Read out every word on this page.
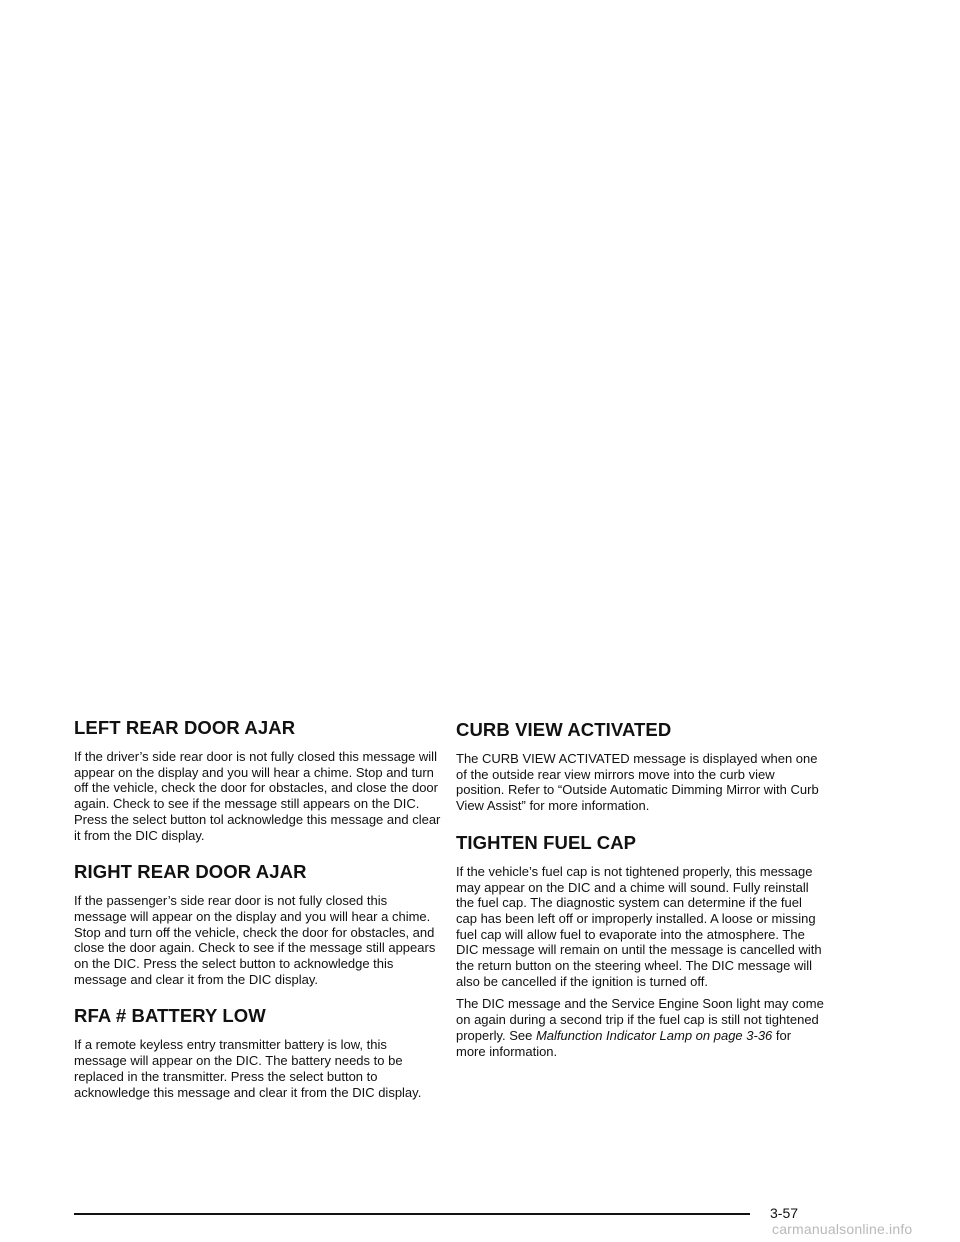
LEFT REAR DOOR AJAR

If the driver’s side rear door is not fully closed this message will appear on the display and you will hear a chime. Stop and turn off the vehicle, check the door for obstacles, and close the door again. Check to see if the message still appears on the DIC. Press the select button tol acknowledge this message and clear it from the DIC display.

RIGHT REAR DOOR AJAR

If the passenger’s side rear door is not fully closed this message will appear on the display and you will hear a chime. Stop and turn off the vehicle, check the door for obstacles, and close the door again. Check to see if the message still appears on the DIC. Press the select button to acknowledge this message and clear it from the DIC display.

RFA # BATTERY LOW

If a remote keyless entry transmitter battery is low, this message will appear on the DIC. The battery needs to be replaced in the transmitter. Press the select button to acknowledge this message and clear it from the DIC display.

CURB VIEW ACTIVATED

The CURB VIEW ACTIVATED message is displayed when one of the outside rear view mirrors move into the curb view position. Refer to “Outside Automatic Dimming Mirror with Curb View Assist” for more information.

TIGHTEN FUEL CAP

If the vehicle’s fuel cap is not tightened properly, this message may appear on the DIC and a chime will sound. Fully reinstall the fuel cap. The diagnostic system can determine if the fuel cap has been left off or improperly installed. A loose or missing fuel cap will allow fuel to evaporate into the atmosphere. The DIC message will remain on until the message is cancelled with the return button on the steering wheel. The DIC message will also be cancelled if the ignition is turned off.

The DIC message and the Service Engine Soon light may come on again during a second trip if the fuel cap is still not tightened properly. See Malfunction Indicator Lamp on page 3-36 for more information.

3-57
carmanualsonline.info
